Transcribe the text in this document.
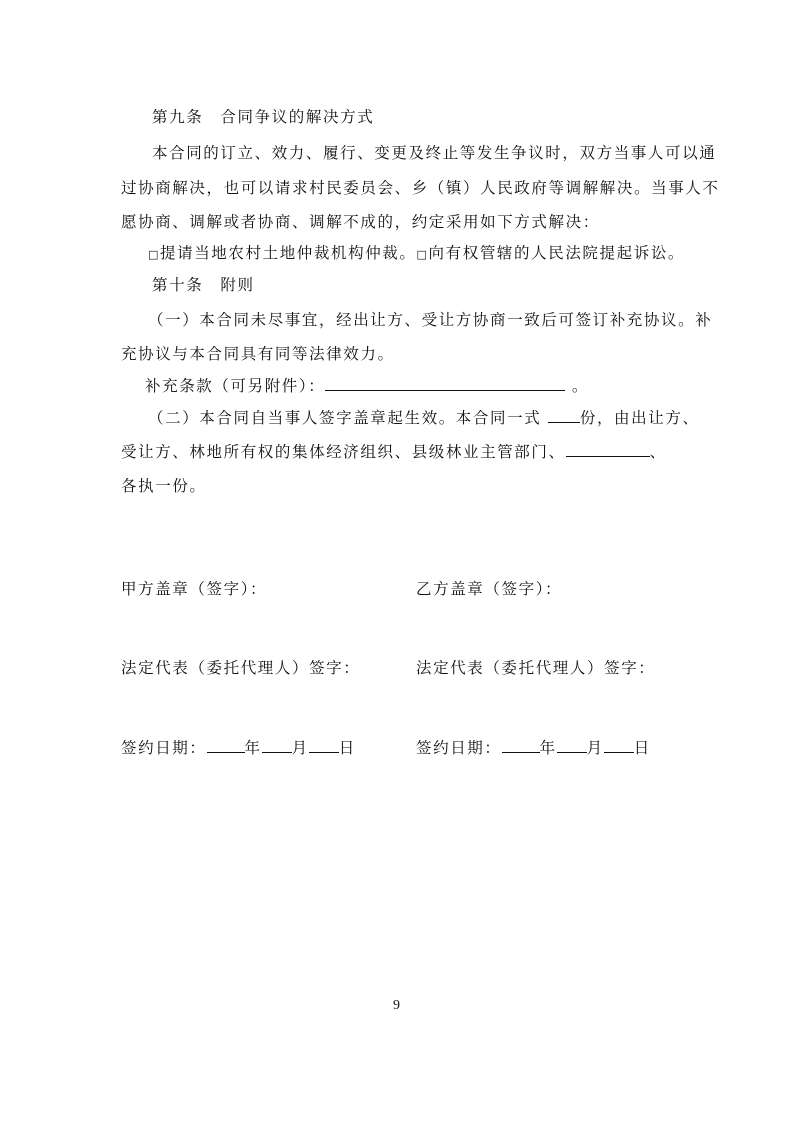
第九条　合同争议的解决方式
本合同的订立、效力、履行、变更及终止等发生争议时，双方当事人可以通
过协商解决，也可以请求村民委员会、乡（镇）人民政府等调解解决。当事人不
愿协商、调解或者协商、调解不成的，约定采用如下方式解决：
□提请当地农村土地仲裁机构仲裁。□向有权管辖的人民法院提起诉讼。
第十条　附则
（一）本合同未尽事宜，经出让方、受让方协商一致后可签订补充协议。补
充协议与本合同具有同等法律效力。
补充条款（可另附件）：	。
（二）本合同自当事人签字盖章起生效。本合同一式 份，由出让方、
受让方、林地所有权的集体经济组织、县级林业主管部门、	、
各执一份。
甲方盖章（签字）：	乙方盖章（签字）：
法定代表（委托代理人）签字：	法定代表（委托代理人）签字：
签约日期： 年 月 日	签约日期： 年 月 日
9
